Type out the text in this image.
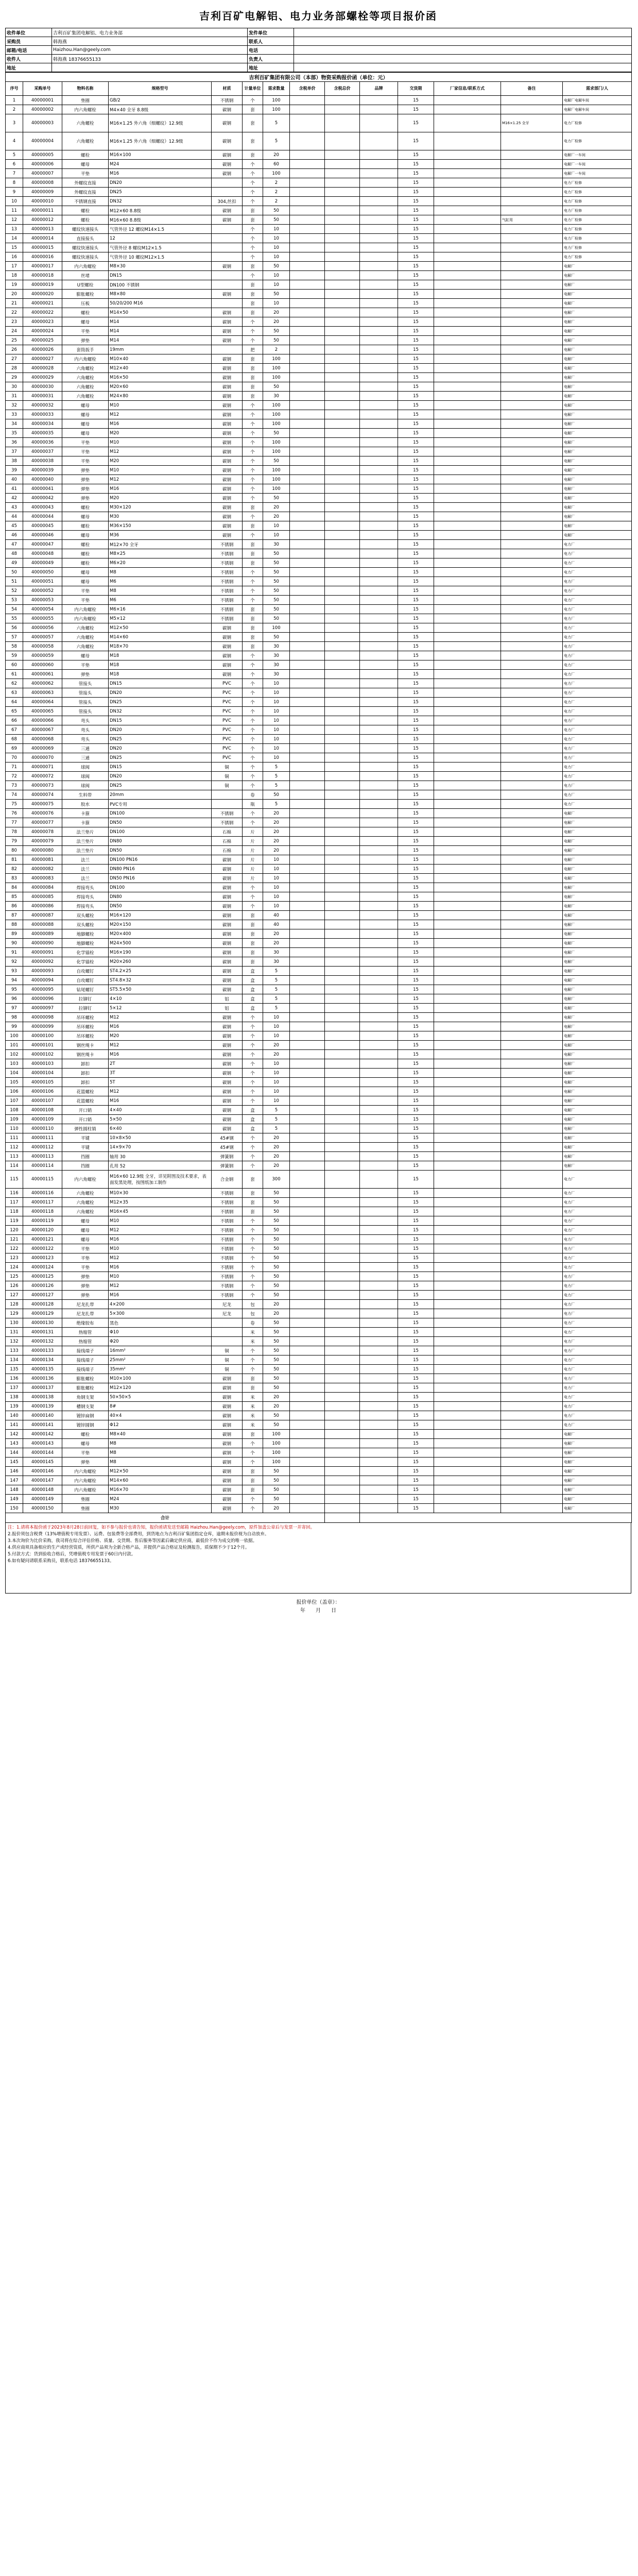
吉利百矿电解铝、电力业务部螺栓等项目报价函
收件单位	吉利百矿集团电解铝、电力业务部	发件单位	
采购员	韩海燕	联系人	
邮箱/电话	Haizhou.Han@geely.com	电话	
收件人	韩海燕 18376655133	负责人	
地址		地址	
吉利百矿集团有限公司（本部）物资采购报价函（单位：元）													
序号	采购单号	物料名称	规格型号	材质	计量单位	需求数量	含税单价	含税总价	品牌	交货期	厂家信息/联系方式	备注	需求部门/人
1	40000001	垫圈	GB/2	不锈钢	个	100				15			电解厂电解车间
2	40000002	内六角螺栓	M4×40 全牙 8.8级	碳钢	套	100				15			电解厂电解车间
3	40000003	六角螺栓	M16×1.25 外六角（细螺纹）12.9级	碳钢	套	5				15		M16×1.25 全牙	电力厂检修
4	40000004	六角螺栓	M16×1.25 外六角（细螺纹）12.9级	碳钢	套	5				15			电力厂检修
5	40000005	螺栓	M16×100	碳钢	套	20				15			电解厂一车间
6	40000006	螺母	M24	碳钢	个	60				15			电解厂一车间
7	40000007	平垫	M16	碳钢	个	100				15			电解厂一车间
8	40000008	外螺纹直接	DN20		个	2				15			电力厂检修
9	40000009	外螺纹直接	DN25		个	2				15			电力厂检修
10	40000010	不锈钢直接	DN32	304,丝扣	个	2				15			电力厂检修
11	40000011	螺栓	M12×60 8.8级	碳钢	套	50				15			电力厂检修
12	40000012	螺栓	M16×60 8.8级	碳钢	套	50				15		气缸用	电力厂检修
13	40000013	螺纹快速接头	气管外径 12 螺纹M14×1.5		个	10				15			电力厂检修
14	40000014	直接接头	12		个	10				15			电力厂检修
15	40000015	螺纹快速接头	气管外径 8 螺纹M12×1.5		个	10				15			电力厂检修
16	40000016	螺纹快速接头	气管外径 10 螺纹M12×1.5		个	10				15			电力厂检修
17	40000017	内六角螺栓	M8×30	碳钢	套	50				15			电解厂
18	40000018	丝堵	DN15		个	10				15			电解厂
19	40000019	U型螺栓	DN100 不锈钢		套	10				15			电解厂
20	40000020	膨胀螺栓	M8×80	碳钢	套	50				15			电解厂
21	40000021	压板	50/20/200 M16		套	10				15			电解厂
22	40000022	螺栓	M14×50	碳钢	套	20				15			电解厂
23	40000023	螺母	M14	碳钢	个	20				15			电解厂
24	40000024	平垫	M14	碳钢	个	50				15			电解厂
25	40000025	弹垫	M14	碳钢	个	50				15			电解厂
26	40000026	套筒扳手	19mm		把	2				15			电解厂
27	40000027	内六角螺栓	M10×40	碳钢	套	100				15			电解厂
28	40000028	六角螺栓	M12×40	碳钢	套	100				15			电解厂
29	40000029	六角螺栓	M16×50	碳钢	套	100				15			电解厂
30	40000030	六角螺栓	M20×60	碳钢	套	50				15			电解厂
31	40000031	六角螺栓	M24×80	碳钢	套	30				15			电解厂
32	40000032	螺母	M10	碳钢	个	100				15			电解厂
33	40000033	螺母	M12	碳钢	个	100				15			电解厂
34	40000034	螺母	M16	碳钢	个	100				15			电解厂
35	40000035	螺母	M20	碳钢	个	50				15			电解厂
36	40000036	平垫	M10	碳钢	个	100				15			电解厂
37	40000037	平垫	M12	碳钢	个	100				15			电解厂
38	40000038	平垫	M20	碳钢	个	50				15			电解厂
39	40000039	弹垫	M10	碳钢	个	100				15			电解厂
40	40000040	弹垫	M12	碳钢	个	100				15			电解厂
41	40000041	弹垫	M16	碳钢	个	100				15			电解厂
42	40000042	弹垫	M20	碳钢	个	50				15			电解厂
43	40000043	螺栓	M30×120	碳钢	套	20				15			电解厂
44	40000044	螺母	M30	碳钢	个	20				15			电解厂
45	40000045	螺栓	M36×150	碳钢	套	10				15			电解厂
46	40000046	螺母	M36	碳钢	个	10				15			电解厂
47	40000047	螺栓	M12×70 全牙	不锈钢	套	30				15			电力厂
48	40000048	螺栓	M8×25	不锈钢	套	50				15			电力厂
49	40000049	螺栓	M6×20	不锈钢	套	50				15			电力厂
50	40000050	螺母	M8	不锈钢	个	50				15			电力厂
51	40000051	螺母	M6	不锈钢	个	50				15			电力厂
52	40000052	平垫	M8	不锈钢	个	50				15			电力厂
53	40000053	平垫	M6	不锈钢	个	50				15			电力厂
54	40000054	内六角螺栓	M6×16	不锈钢	套	50				15			电力厂
55	40000055	内六角螺栓	M5×12	不锈钢	套	50				15			电力厂
56	40000056	六角螺栓	M12×50	碳钢	套	100				15			电力厂
57	40000057	六角螺栓	M14×60	碳钢	套	50				15			电力厂
58	40000058	六角螺栓	M18×70	碳钢	套	30				15			电力厂
59	40000059	螺母	M18	碳钢	个	30				15			电力厂
60	40000060	平垫	M18	碳钢	个	30				15			电力厂
61	40000061	弹垫	M18	碳钢	个	30				15			电力厂
62	40000062	管接头	DN15	PVC	个	10				15			电力厂
63	40000063	管接头	DN20	PVC	个	10				15			电力厂
64	40000064	管接头	DN25	PVC	个	10				15			电力厂
65	40000065	管接头	DN32	PVC	个	10				15			电力厂
66	40000066	弯头	DN15	PVC	个	10				15			电力厂
67	40000067	弯头	DN20	PVC	个	10				15			电力厂
68	40000068	弯头	DN25	PVC	个	10				15			电力厂
69	40000069	三通	DN20	PVC	个	10				15			电力厂
70	40000070	三通	DN25	PVC	个	10				15			电力厂
71	40000071	球阀	DN15	铜	个	5				15			电力厂
72	40000072	球阀	DN20	铜	个	5				15			电力厂
73	40000073	球阀	DN25	铜	个	5				15			电力厂
74	40000074	生料带	20mm		卷	50				15			电力厂
75	40000075	胶水	PVC专用		瓶	5				15			电力厂
76	40000076	卡箍	DN100	不锈钢	个	20				15			电解厂
77	40000077	卡箍	DN50	不锈钢	个	20				15			电解厂
78	40000078	法兰垫片	DN100	石棉	片	20				15			电解厂
79	40000079	法兰垫片	DN80	石棉	片	20				15			电解厂
80	40000080	法兰垫片	DN50	石棉	片	20				15			电解厂
81	40000081	法兰	DN100 PN16	碳钢	片	10				15			电解厂
82	40000082	法兰	DN80 PN16	碳钢	片	10				15			电解厂
83	40000083	法兰	DN50 PN16	碳钢	片	10				15			电解厂
84	40000084	焊接弯头	DN100	碳钢	个	10				15			电解厂
85	40000085	焊接弯头	DN80	碳钢	个	10				15			电解厂
86	40000086	焊接弯头	DN50	碳钢	个	10				15			电解厂
87	40000087	双头螺栓	M16×120	碳钢	套	40				15			电解厂
88	40000088	双头螺栓	M20×150	碳钢	套	40				15			电解厂
89	40000089	地脚螺栓	M20×400	碳钢	套	20				15			电解厂
90	40000090	地脚螺栓	M24×500	碳钢	套	20				15			电解厂
91	40000091	化学锚栓	M16×190	碳钢	套	30				15			电解厂
92	40000092	化学锚栓	M20×260	碳钢	套	30				15			电解厂
93	40000093	自攻螺钉	ST4.2×25	碳钢	盒	5				15			电解厂
94	40000094	自攻螺钉	ST4.8×32	碳钢	盒	5				15			电解厂
95	40000095	钻尾螺钉	ST5.5×50	碳钢	盒	5				15			电解厂
96	40000096	拉铆钉	4×10	铝	盒	5				15			电解厂
97	40000097	拉铆钉	5×12	铝	盒	5				15			电解厂
98	40000098	吊环螺栓	M12	碳钢	个	10				15			电解厂
99	40000099	吊环螺栓	M16	碳钢	个	10				15			电解厂
100	40000100	吊环螺栓	M20	碳钢	个	10				15			电解厂
101	40000101	钢丝绳卡	M12	碳钢	个	20				15			电解厂
102	40000102	钢丝绳卡	M16	碳钢	个	20				15			电解厂
103	40000103	卸扣	2T	碳钢	个	10				15			电解厂
104	40000104	卸扣	3T	碳钢	个	10				15			电解厂
105	40000105	卸扣	5T	碳钢	个	10				15			电解厂
106	40000106	花篮螺栓	M12	碳钢	个	10				15			电解厂
107	40000107	花篮螺栓	M16	碳钢	个	10				15			电解厂
108	40000108	开口销	4×40	碳钢	盒	5				15			电解厂
109	40000109	开口销	5×50	碳钢	盒	5				15			电解厂
110	40000110	弹性圆柱销	6×40	碳钢	盒	5				15			电解厂
111	40000111	平键	10×8×50	45#钢	个	20				15			电解厂
112	40000112	平键	14×9×70	45#钢	个	20				15			电解厂
113	40000113	挡圈	轴用 30	弹簧钢	个	20				15			电解厂
114	40000114	挡圈	孔用 52	弹簧钢	个	20				15			电解厂
115	40000115	内六角螺栓	M16×60 12.9级 全牙，详见附图及技术要求，表面发黑处理，按图纸加工制作	合金钢	套	300				15			电力厂
116	40000116	六角螺栓	M10×30	不锈钢	套	50				15			电力厂
117	40000117	六角螺栓	M12×35	不锈钢	套	50				15			电力厂
118	40000118	六角螺栓	M16×45	不锈钢	套	50				15			电力厂
119	40000119	螺母	M10	不锈钢	个	50				15			电力厂
120	40000120	螺母	M12	不锈钢	个	50				15			电力厂
121	40000121	螺母	M16	不锈钢	个	50				15			电力厂
122	40000122	平垫	M10	不锈钢	个	50				15			电力厂
123	40000123	平垫	M12	不锈钢	个	50				15			电力厂
124	40000124	平垫	M16	不锈钢	个	50				15			电力厂
125	40000125	弹垫	M10	不锈钢	个	50				15			电力厂
126	40000126	弹垫	M12	不锈钢	个	50				15			电力厂
127	40000127	弹垫	M16	不锈钢	个	50				15			电力厂
128	40000128	尼龙扎带	4×200	尼龙	包	20				15			电力厂
129	40000129	尼龙扎带	5×300	尼龙	包	20				15			电力厂
130	40000130	绝缘胶布	黑色		卷	50				15			电力厂
131	40000131	热缩管	Φ10		米	50				15			电力厂
132	40000132	热缩管	Φ20		米	50				15			电力厂
133	40000133	接线端子	16mm²	铜	个	50				15			电力厂
134	40000134	接线端子	25mm²	铜	个	50				15			电力厂
135	40000135	接线端子	35mm²	铜	个	50				15			电力厂
136	40000136	膨胀螺栓	M10×100	碳钢	套	50				15			电力厂
137	40000137	膨胀螺栓	M12×120	碳钢	套	50				15			电力厂
138	40000138	角钢支架	50×50×5	碳钢	米	20				15			电力厂
139	40000139	槽钢支架	8#	碳钢	米	20				15			电力厂
140	40000140	镀锌扁钢	40×4	碳钢	米	50				15			电力厂
141	40000141	镀锌圆钢	Φ12	碳钢	米	50				15			电力厂
142	40000142	螺栓	M8×40	碳钢	套	100				15			电解厂
143	40000143	螺母	M8	碳钢	个	100				15			电解厂
144	40000144	平垫	M8	碳钢	个	100				15			电解厂
145	40000145	弹垫	M8	碳钢	个	100				15			电解厂
146	40000146	内六角螺栓	M12×50	碳钢	套	50				15			电解厂
147	40000147	内六角螺栓	M14×60	碳钢	套	50				15			电解厂
148	40000148	内六角螺栓	M16×70	碳钢	套	50				15			电解厂
149	40000149	垫圈	M24	碳钢	个	50				15			电解厂
150	40000150	垫圈	M30	碳钢	个	20				15			电解厂
合计													

注：1.请将本报价函于2023年8月28日前回复，如不参与报价也请告知，报价函请发送至邮箱 Haizhou.Han@geely.com，原件加盖公章后与发票一并寄回。

2.报价须包含税费（13%增值税专用发票）、运费、包装费等全部费用，到货地点为吉利百矿集团指定仓库，逾期未报价视为自动放弃。

3.本次询价为比价采购，我司将在综合评估价格、质量、交货期、售后服务等因素后确定供应商，最低价不作为成交的唯一依据。

4.供应商须具备相应的生产或经营资质，所供产品须为全新合格产品，并提供产品合格证及检测报告，质保期不少于12个月。

5.付款方式：货到验收合格后，凭增值税专用发票于60日内付款。

6.如有疑问请联系采购员，联系电话 18376655133。

报价单位（盖章）：
年　　月　　日
